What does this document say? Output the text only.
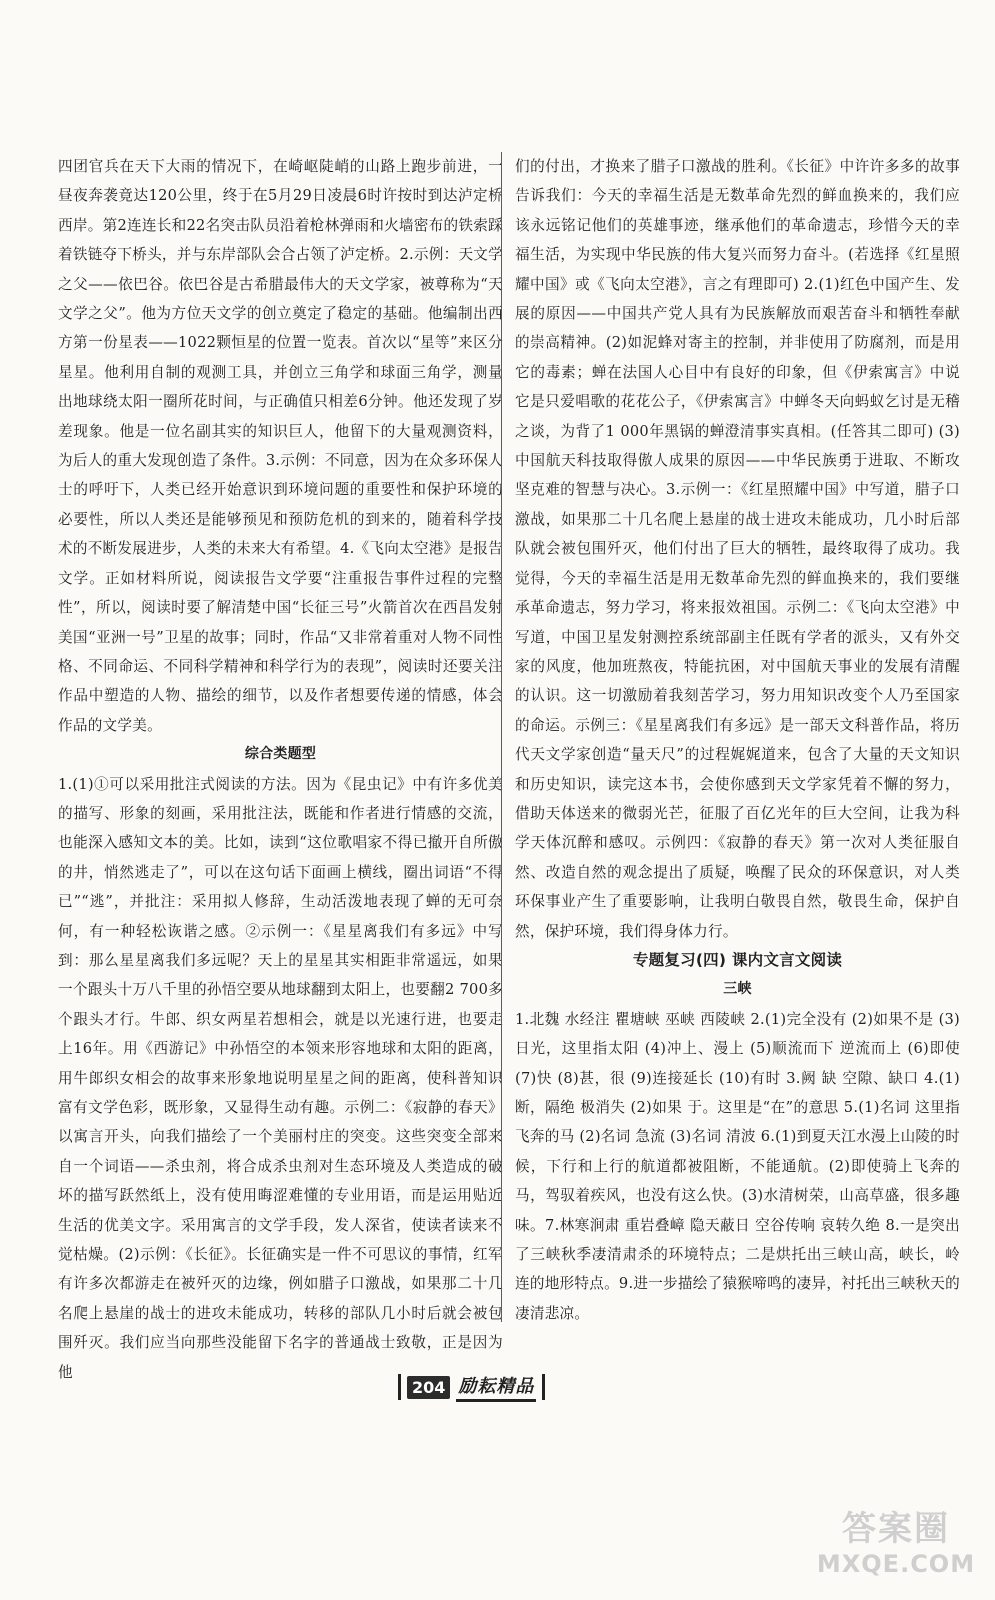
四团官兵在天下大雨的情况下，在崎岖陡峭的山路上跑步前进，一昼夜奔袭竟达120公里，终于在5月29日凌晨6时许按时到达泸定桥西岸。第2连连长和22名突击队员沿着枪林弹雨和火墙密布的铁索踩着铁链夺下桥头，并与东岸部队会合占领了泸定桥。2.示例：天文学之父——依巴谷。依巴谷是古希腊最伟大的天文学家，被尊称为“天文学之父”。他为方位天文学的创立奠定了稳定的基础。他编制出西方第一份星表——1022颗恒星的位置一览表。首次以“星等”来区分星星。他利用自制的观测工具，并创立三角学和球面三角学，测量出地球绕太阳一圈所花时间，与正确值只相差6分钟。他还发现了岁差现象。他是一位名副其实的知识巨人，他留下的大量观测资料，为后人的重大发现创造了条件。3.示例：不同意，因为在众多环保人士的呼吁下，人类已经开始意识到环境问题的重要性和保护环境的必要性，所以人类还是能够预见和预防危机的到来的，随着科学技术的不断发展进步，人类的未来大有希望。4.《飞向太空港》是报告文学。正如材料所说，阅读报告文学要“注重报告事件过程的完整性”，所以，阅读时要了解清楚中国“长征三号”火箭首次在西昌发射美国“亚洲一号”卫星的故事；同时，作品“又非常着重对人物不同性格、不同命运、不同科学精神和科学行为的表现”，阅读时还要关注作品中塑造的人物、描绘的细节，以及作者想要传递的情感，体会作品的文学美。

综合类题型

1.(1)①可以采用批注式阅读的方法。因为《昆虫记》中有许多优美的描写、形象的刻画，采用批注法，既能和作者进行情感的交流，也能深入感知文本的美。比如，读到“这位歌唱家不得已撤开自所傲的井，悄然逃走了”，可以在这句话下面画上横线，圈出词语“不得已”“逃”，并批注：采用拟人修辞，生动活泼地表现了蝉的无可奈何，有一种轻松诙谐之感。②示例一：《星星离我们有多远》中写到：那么星星离我们多远呢？天上的星星其实相距非常遥远，如果一个跟头十万八千里的孙悟空要从地球翻到太阳上，也要翻2 700多个跟头才行。牛郎、织女两星若想相会，就是以光速行进，也要走上16年。用《西游记》中孙悟空的本领来形容地球和太阳的距离，用牛郎织女相会的故事来形象地说明星星之间的距离，使科普知识富有文学色彩，既形象，又显得生动有趣。示例二：《寂静的春天》以寓言开头，向我们描绘了一个美丽村庄的突变。这些突变全部来自一个词语——杀虫剂，将合成杀虫剂对生态环境及人类造成的破坏的描写跃然纸上，没有使用晦涩难懂的专业用语，而是运用贴近生活的优美文字。采用寓言的文学手段，发人深省，使读者读来不觉枯燥。(2)示例：《长征》。长征确实是一件不可思议的事情，红军有许多次都游走在被歼灭的边缘，例如腊子口激战，如果那二十几名爬上悬崖的战士的进攻未能成功，转移的部队几小时后就会被包围歼灭。我们应当向那些没能留下名字的普通战士致敬，正是因为他

们的付出，才换来了腊子口激战的胜利。《长征》中许许多多的故事告诉我们：今天的幸福生活是无数革命先烈的鲜血换来的，我们应该永远铭记他们的英雄事迹，继承他们的革命遗志，珍惜今天的幸福生活，为实现中华民族的伟大复兴而努力奋斗。(若选择《红星照耀中国》或《飞向太空港》，言之有理即可) 2.(1)红色中国产生、发展的原因——中国共产党人具有为民族解放而艰苦奋斗和牺牲奉献的崇高精神。(2)如泥蜂对寄主的控制，并非使用了防腐剂，而是用它的毒素；蝉在法国人心目中有良好的印象，但《伊索寓言》中说它是只爱唱歌的花花公子，《伊索寓言》中蝉冬天向蚂蚁乞讨是无稽之谈，为背了1 000年黑锅的蝉澄清事实真相。(任答其二即可) (3)中国航天科技取得傲人成果的原因——中华民族勇于进取、不断攻坚克难的智慧与决心。3.示例一：《红星照耀中国》中写道，腊子口激战，如果那二十几名爬上悬崖的战士进攻未能成功，几小时后部队就会被包围歼灭，他们付出了巨大的牺牲，最终取得了成功。我觉得，今天的幸福生活是用无数革命先烈的鲜血换来的，我们要继承革命遗志，努力学习，将来报效祖国。示例二：《飞向太空港》中写道，中国卫星发射测控系统部副主任既有学者的派头，又有外交家的风度，他加班熬夜，特能抗困，对中国航天事业的发展有清醒的认识。这一切激励着我刻苦学习，努力用知识改变个人乃至国家的命运。示例三：《星星离我们有多远》是一部天文科普作品，将历代天文学家创造“量天尺”的过程娓娓道来，包含了大量的天文知识和历史知识，读完这本书，会使你感到天文学家凭着不懈的努力，借助天体送来的微弱光芒，征服了百亿光年的巨大空间，让我为科学天体沉醉和感叹。示例四：《寂静的春天》第一次对人类征服自然、改造自然的观念提出了质疑，唤醒了民众的环保意识，对人类环保事业产生了重要影响，让我明白敬畏自然，敬畏生命，保护自然，保护环境，我们得身体力行。

专题复习(四) 课内文言文阅读

三峡

1.北魏 水经注 瞿塘峡 巫峡 西陵峡 2.(1)完全没有 (2)如果不是 (3)日光，这里指太阳 (4)冲上、漫上 (5)顺流而下 逆流而上 (6)即使 (7)快 (8)甚，很 (9)连接延长 (10)有时 3.阙 缺 空隙、缺口 4.(1)断，隔绝 极消失 (2)如果 于。这里是“在”的意思 5.(1)名词 这里指飞奔的马 (2)名词 急流 (3)名词 清波 6.(1)到夏天江水漫上山陵的时候，下行和上行的航道都被阻断，不能通航。(2)即使骑上飞奔的马，驾驭着疾风，也没有这么快。(3)水清树荣，山高草盛，很多趣味。7.林寒涧肃 重岩叠嶂 隐天蔽日 空谷传响 哀转久绝 8.一是突出了三峡秋季凄清肃杀的环境特点；二是烘托出三峡山高，峡长，岭连的地形特点。9.进一步描绘了猿猴啼鸣的凄异，衬托出三峡秋天的凄清悲凉。

204 励耘精品
答案圈
MXQE.COM
